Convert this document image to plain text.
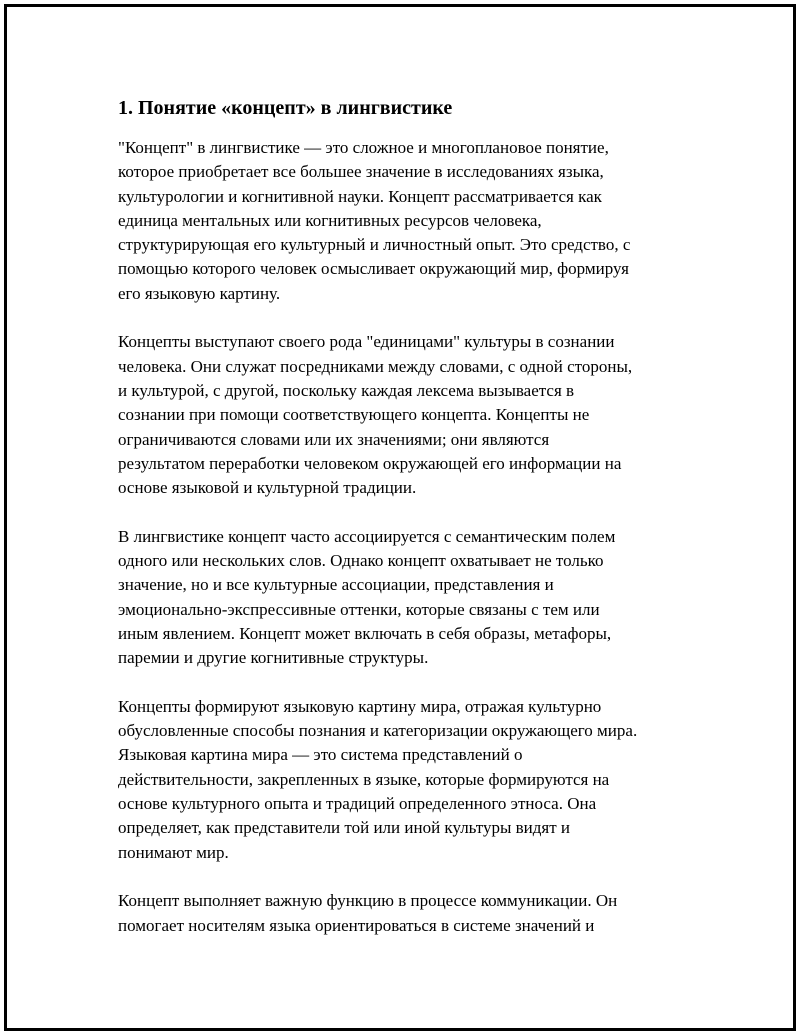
1. Понятие «концепт» в лингвистике

"Концепт" в лингвистике — это сложное и многоплановое понятие,
которое приобретает все большее значение в исследованиях языка,
культурологии и когнитивной науки. Концепт рассматривается как
единица ментальных или когнитивных ресурсов человека,
структурирующая его культурный и личностный опыт. Это средство, с
помощью которого человек осмысливает окружающий мир, формируя
его языковую картину.

Концепты выступают своего рода "единицами" культуры в сознании
человека. Они служат посредниками между словами, с одной стороны,
и культурой, с другой, поскольку каждая лексема вызывается в
сознании при помощи соответствующего концепта. Концепты не
ограничиваются словами или их значениями; они являются
результатом переработки человеком окружающей его информации на
основе языковой и культурной традиции.

В лингвистике концепт часто ассоциируется с семантическим полем
одного или нескольких слов. Однако концепт охватывает не только
значение, но и все культурные ассоциации, представления и
эмоционально-экспрессивные оттенки, которые связаны с тем или
иным явлением. Концепт может включать в себя образы, метафоры,
паремии и другие когнитивные структуры.

Концепты формируют языковую картину мира, отражая культурно
обусловленные способы познания и категоризации окружающего мира.
Языковая картина мира — это система представлений о
действительности, закрепленных в языке, которые формируются на
основе культурного опыта и традиций определенного этноса. Она
определяет, как представители той или иной культуры видят и
понимают мир.

Концепт выполняет важную функцию в процессе коммуникации. Он
помогает носителям языка ориентироваться в системе значений и
